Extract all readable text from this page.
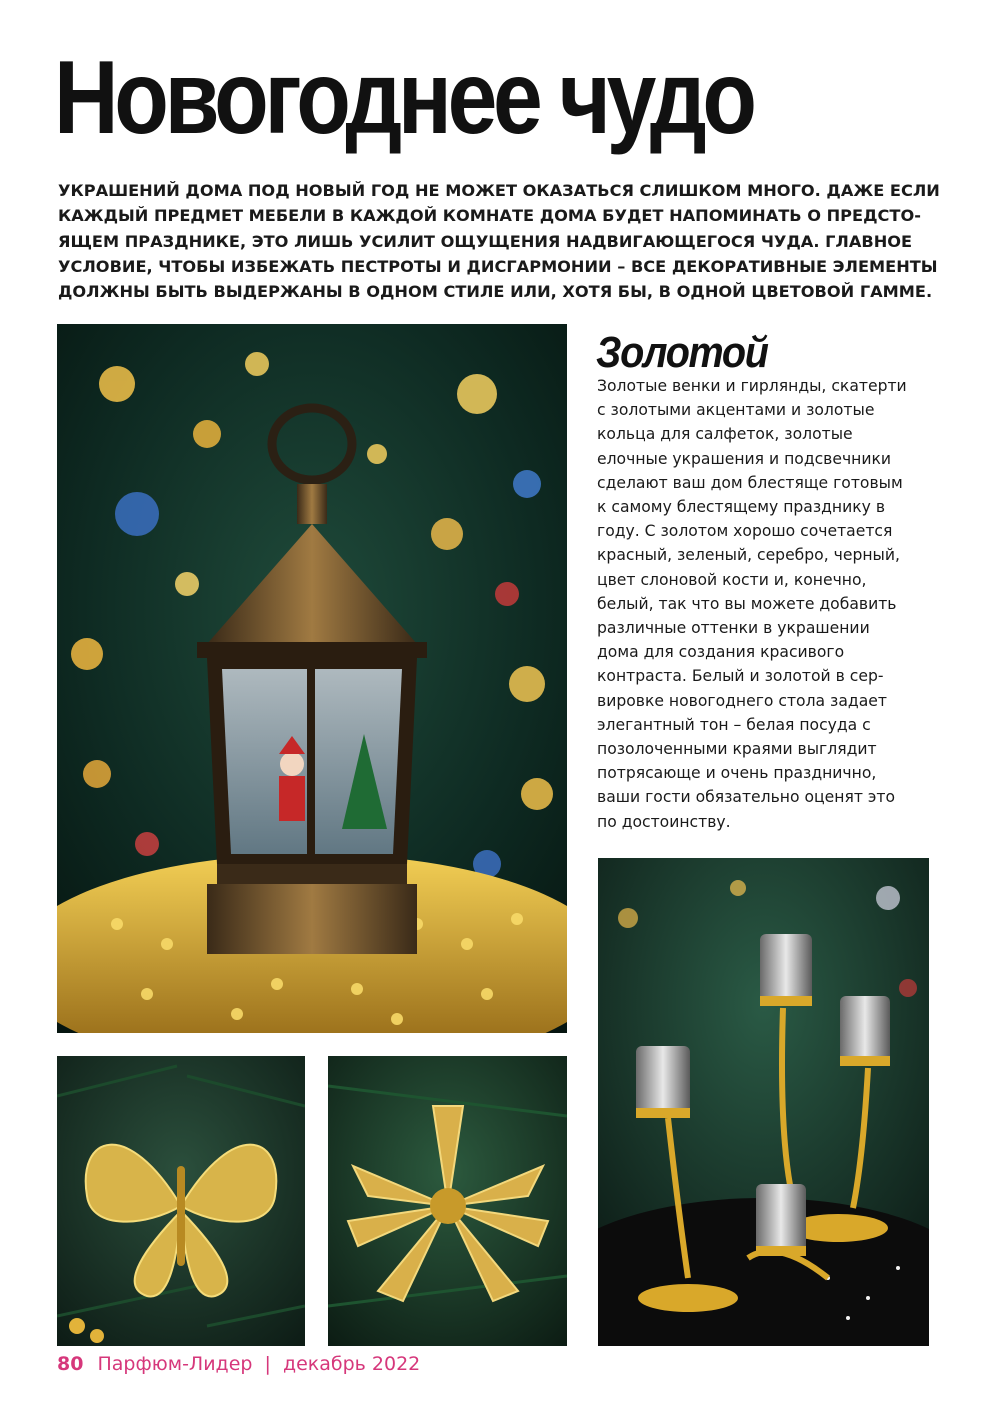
Новогоднее чудо
УКРАШЕНИЙ ДОМА ПОД НОВЫЙ ГОД НЕ МОЖЕТ ОКАЗАТЬСЯ СЛИШКОМ МНОГО. ДАЖЕ ЕСЛИ
КАЖДЫЙ ПРЕДМЕТ МЕБЕЛИ В КАЖДОЙ КОМНАТЕ ДОМА БУДЕТ НАПОМИНАТЬ О ПРЕДСТО-
ЯЩЕМ ПРАЗДНИКЕ, ЭТО ЛИШЬ УСИЛИТ ОЩУЩЕНИЯ НАДВИГАЮЩЕГОСЯ ЧУДА. ГЛАВНОЕ
УСЛОВИЕ, ЧТОБЫ ИЗБЕЖАТЬ ПЕСТРОТЫ И ДИСГАРМОНИИ – ВСЕ ДЕКОРАТИВНЫЕ ЭЛЕМЕНТЫ
ДОЛЖНЫ БЫТЬ ВЫДЕРЖАНЫ В ОДНОМ СТИЛЕ ИЛИ, ХОТЯ БЫ, В ОДНОЙ ЦВЕТОВОЙ ГАММЕ.
Золотой
Золотые венки и гирлянды, скатерти
с золотыми акцентами и золотые
кольца для салфеток, золотые
елочные украшения и подсвечники
сделают ваш дом блестяще готовым
к самому блестящему празднику в
году. С золотом хорошо сочетается
красный, зеленый, серебро, черный,
цвет слоновой кости и, конечно,
белый, так что вы можете добавить
различные оттенки в украшении
дома для создания красивого
контраста. Белый и золотой в сер-
вировке новогоднего стола задает
элегантный тон – белая посуда с
позолоченными краями выглядит
потрясающе и очень празднично,
ваши гости обязательно оценят это
по достоинству.
80 Парфюм-Лидер | декабрь 2022
